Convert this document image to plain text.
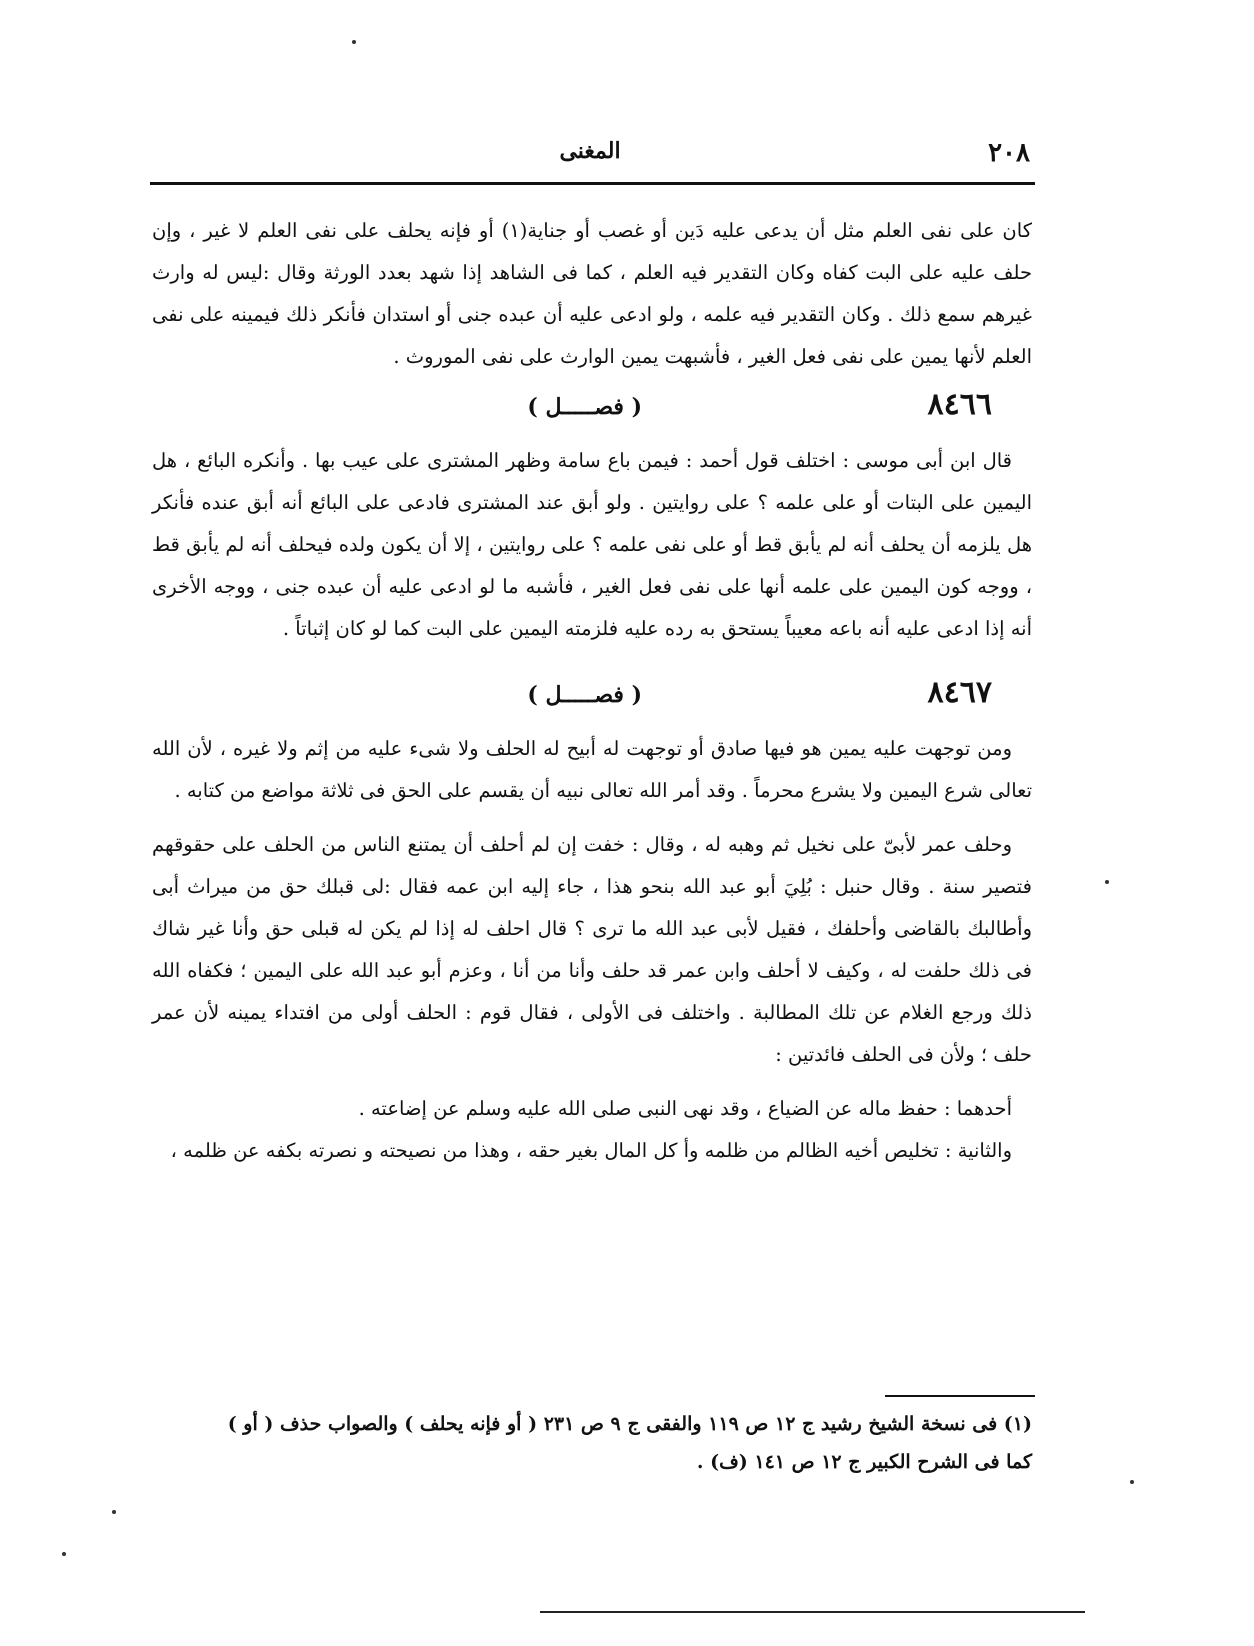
٢٠٨
المغنى

كان على نفى العلم مثل أن يدعى عليه دَين أو غصب أو جناية(١) أو فإنه يحلف على نفى العلم لا غير ، وإن حلف عليه على البت كفاه وكان التقدير فيه العلم ، كما فى الشاهد إذا شهد بعدد الورثة وقال :ليس له وارث غيرهم سمع ذلك . وكان التقدير فيه علمه ، ولو ادعى عليه أن عبده جنى أو استدان فأنكر ذلك فيمينه على نفى العلم لأنها يمين على نفى فعل الغير ، فأشبهت يمين الوارث على نفى الموروث .

٨٤٦٦
( فصـــــل )

قال ابن أبى موسى : اختلف قول أحمد : فيمن باع سامة وظهر المشترى على عيب بها . وأنكره البائع ، هل اليمين على البتات أو على علمه ؟ على روايتين . ولو أبق عند المشترى فادعى على البائع أنه أبق عنده فأنكر هل يلزمه أن يحلف أنه لم يأبق قط أو على نفى علمه ؟ على روايتين ، إلا أن يكون ولده فيحلف أنه لم يأبق قط ، ووجه كون اليمين على علمه أنها على نفى فعل الغير ، فأشبه ما لو ادعى عليه أن عبده جنى ، ووجه الأخرى أنه إذا ادعى عليه أنه باعه معيباً يستحق به رده عليه فلزمته اليمين على البت كما لو كان إثباتاً .

٨٤٦٧
( فصـــــل )

ومن توجهت عليه يمين هو فيها صادق أو توجهت له أبيح له الحلف ولا شىء عليه من إثم ولا غيره ، لأن الله تعالى شرع اليمين ولا يشرع محرماً . وقد أمر الله تعالى نبيه أن يقسم على الحق فى ثلاثة مواضع من كتابه .

وحلف عمر لأبىّ على نخيل ثم وهبه له ، وقال : خفت إن لم أحلف أن يمتنع الناس من الحلف على حقوقهم فتصير سنة . وقال حنبل : بُلِيَ أبو عبد الله بنحو هذا ، جاء إليه ابن عمه فقال :لى قبلك حق من ميراث أبى وأطالبك بالقاضى وأحلفك ، فقيل لأبى عبد الله ما ترى ؟ قال احلف له إذا لم يكن له قبلى حق وأنا غير شاك فى ذلك حلفت له ، وكيف لا أحلف وابن عمر قد حلف وأنا من أنا ، وعزم أبو عبد الله على اليمين ؛ فكفاه الله ذلك ورجع الغلام عن تلك المطالبة . واختلف فى الأولى ، فقال قوم : الحلف أولى من افتداء يمينه لأن عمر حلف ؛ ولأن فى الحلف فائدتين :

أحدهما : حفظ ماله عن الضياع ، وقد نهى النبى صلى الله عليه وسلم عن إضاعته .

والثانية : تخليص أخيه الظالم من ظلمه وأ كل المال بغير حقه ، وهذا من نصيحته و نصرته بكفه عن ظلمه ،

(١) فى نسخة الشيخ رشيد ج ١٢ ص ١١٩ والفقى ج ٩ ص ٢٣١ ( أو فإنه يحلف ) والصواب حذف ( أو )

كما فى الشرح الكبير ج ١٢ ص ١٤١ (ف) .
